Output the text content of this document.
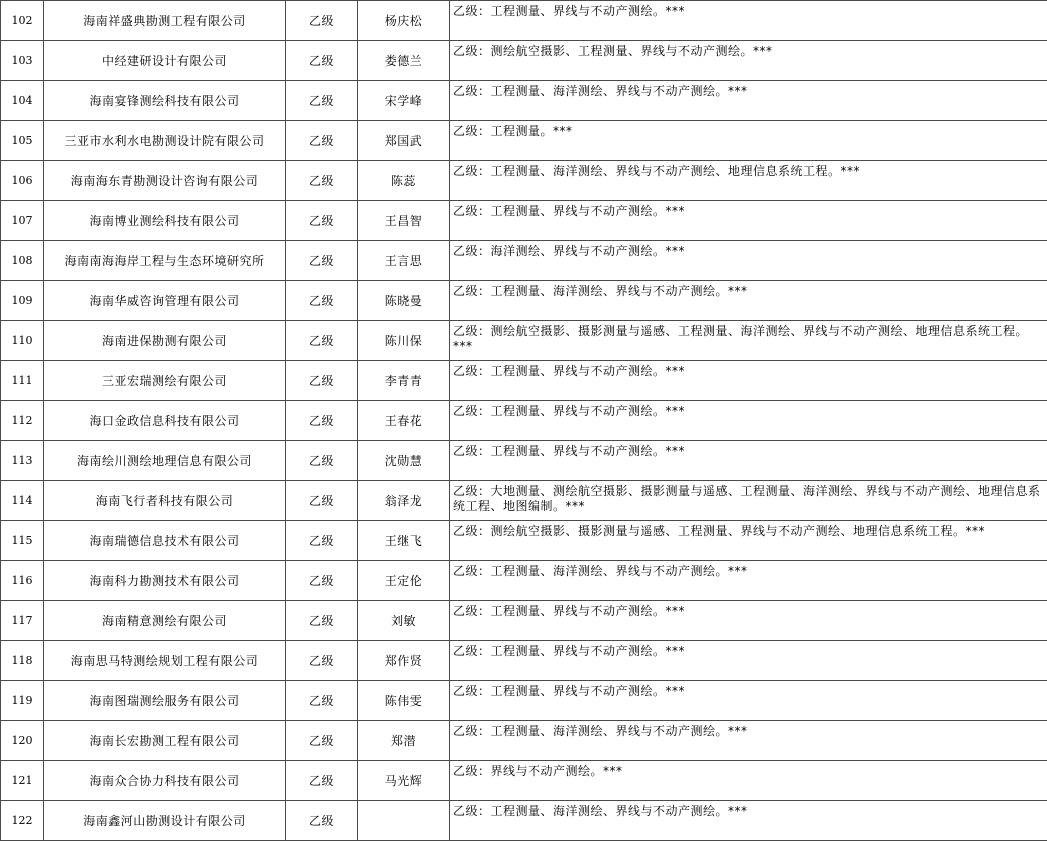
102	海南祥盛典勘测工程有限公司	乙级	杨庆松	乙级：工程测量、界线与不动产测绘。***
103	中经建研设计有限公司	乙级	娄德兰	乙级：测绘航空摄影、工程测量、界线与不动产测绘。***
104	海南宴锋测绘科技有限公司	乙级	宋学峰	乙级：工程测量、海洋测绘、界线与不动产测绘。***
105	三亚市水利水电勘测设计院有限公司	乙级	郑国武	乙级：工程测量。***
106	海南海东青勘测设计咨询有限公司	乙级	陈蕊	乙级：工程测量、海洋测绘、界线与不动产测绘、地理信息系统工程。***
107	海南博业测绘科技有限公司	乙级	王昌智	乙级：工程测量、界线与不动产测绘。***
108	海南南海海岸工程与生态环境研究所	乙级	王言思	乙级：海洋测绘、界线与不动产测绘。***
109	海南华威咨询管理有限公司	乙级	陈晓曼	乙级：工程测量、海洋测绘、界线与不动产测绘。***
110	海南进保勘测有限公司	乙级	陈川保	乙级：测绘航空摄影、摄影测量与遥感、工程测量、海洋测绘、界线与不动产测绘、地理信息系统工程。***
111	三亚宏瑞测绘有限公司	乙级	李青青	乙级：工程测量、界线与不动产测绘。***
112	海口金政信息科技有限公司	乙级	王春花	乙级：工程测量、界线与不动产测绘。***
113	海南绘川测绘地理信息有限公司	乙级	沈勋慧	乙级：工程测量、界线与不动产测绘。***
114	海南飞行者科技有限公司	乙级	翁泽龙	乙级：大地测量、测绘航空摄影、摄影测量与遥感、工程测量、海洋测绘、界线与不动产测绘、地理信息系统工程、地图编制。***
115	海南瑞德信息技术有限公司	乙级	王继飞	乙级：测绘航空摄影、摄影测量与遥感、工程测量、界线与不动产测绘、地理信息系统工程。***
116	海南科力勘测技术有限公司	乙级	王定伦	乙级：工程测量、海洋测绘、界线与不动产测绘。***
117	海南精意测绘有限公司	乙级	刘敏	乙级：工程测量、界线与不动产测绘。***
118	海南思马特测绘规划工程有限公司	乙级	郑作贤	乙级：工程测量、界线与不动产测绘。***
119	海南图瑞测绘服务有限公司	乙级	陈伟雯	乙级：工程测量、界线与不动产测绘。***
120	海南长宏勘测工程有限公司	乙级	郑潜	乙级：工程测量、海洋测绘、界线与不动产测绘。***
121	海南众合协力科技有限公司	乙级	马光辉	乙级：界线与不动产测绘。***
122	海南鑫河山勘测设计有限公司	乙级		乙级：工程测量、海洋测绘、界线与不动产测绘。***
